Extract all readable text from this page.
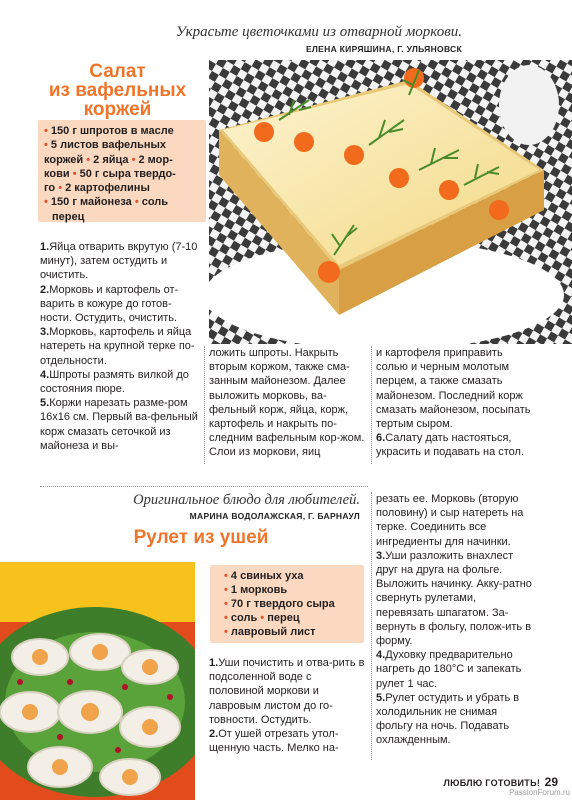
Украсьте цветочками из отварной моркови.
ЕЛЕНА КИРЯШИНА, Г. УЛЬЯНОВСК
Салат
из вафельных
коржей
• 150 г шпротов в масле
• 5 листов вафельных
коржей • 2 яйца • 2 мор-
кови • 50 г сыра твердо-
го • 2 картофелины
• 150 г майонеза • соль
перец

1.Яйца отварить вкрутую (7-10 минут), затем остудить и очистить.

2.Морковь и картофель от-варить в кожуре до готов-ности. Остудить, очистить.

3.Морковь, картофель и яйца натереть на крупной терке по-отдельности.

4.Шпроты размять вилкой до состояния пюре.

5.Коржи нарезать разме-ром 16х16 см. Первый ва-фельный корж смазать сеточкой из майонеза и вы-

ложить шпроты. Накрыть вторым коржом, также сма-занным майонезом. Далее выложить морковь, ва-фельный корж, яйца, корж, картофель и накрыть по-следним вафельным кор-жом. Слои из моркови, яиц

и картофеля приправить солью и черным молотым перцем, а также смазать майонезом. Последний корж смазать майонезом, посыпать тертым сыром.

6.Салату дать настояться, украсить и подавать на стол.

Оригинальное блюдо для любителей.
МАРИНА ВОДОЛАЖСКАЯ, Г. БАРНАУЛ
Рулет из ушей
• 4 свиных уха
• 1 морковь
• 70 г твердого сыра
• соль • перец
• лавровый лист

1.Уши почистить и отва-рить в подсоленной воде с половиной моркови и лавровым листом до го-товности. Остудить.

2.От ушей отрезать утол-щенную часть. Мелко на-

резать ее. Морковь (вторую половину) и сыр натереть на терке. Соединить все ингредиенты для начинки.

3.Уши разложить внахлест друг на друга на фольге. Выложить начинку. Акку-ратно свернуть рулетами, перевязать шпагатом. За-вернуть в фольгу, полож-ить в форму.

4.Духовку предварительно нагреть до 180°С и запекать рулет 1 час.

5.Рулет остудить и убрать в холодильник не снимая фольгу на ночь. Подавать охлажденным.

ЛЮБЛЮ ГОТОВИТЬ! 29
PassionForum.ru
